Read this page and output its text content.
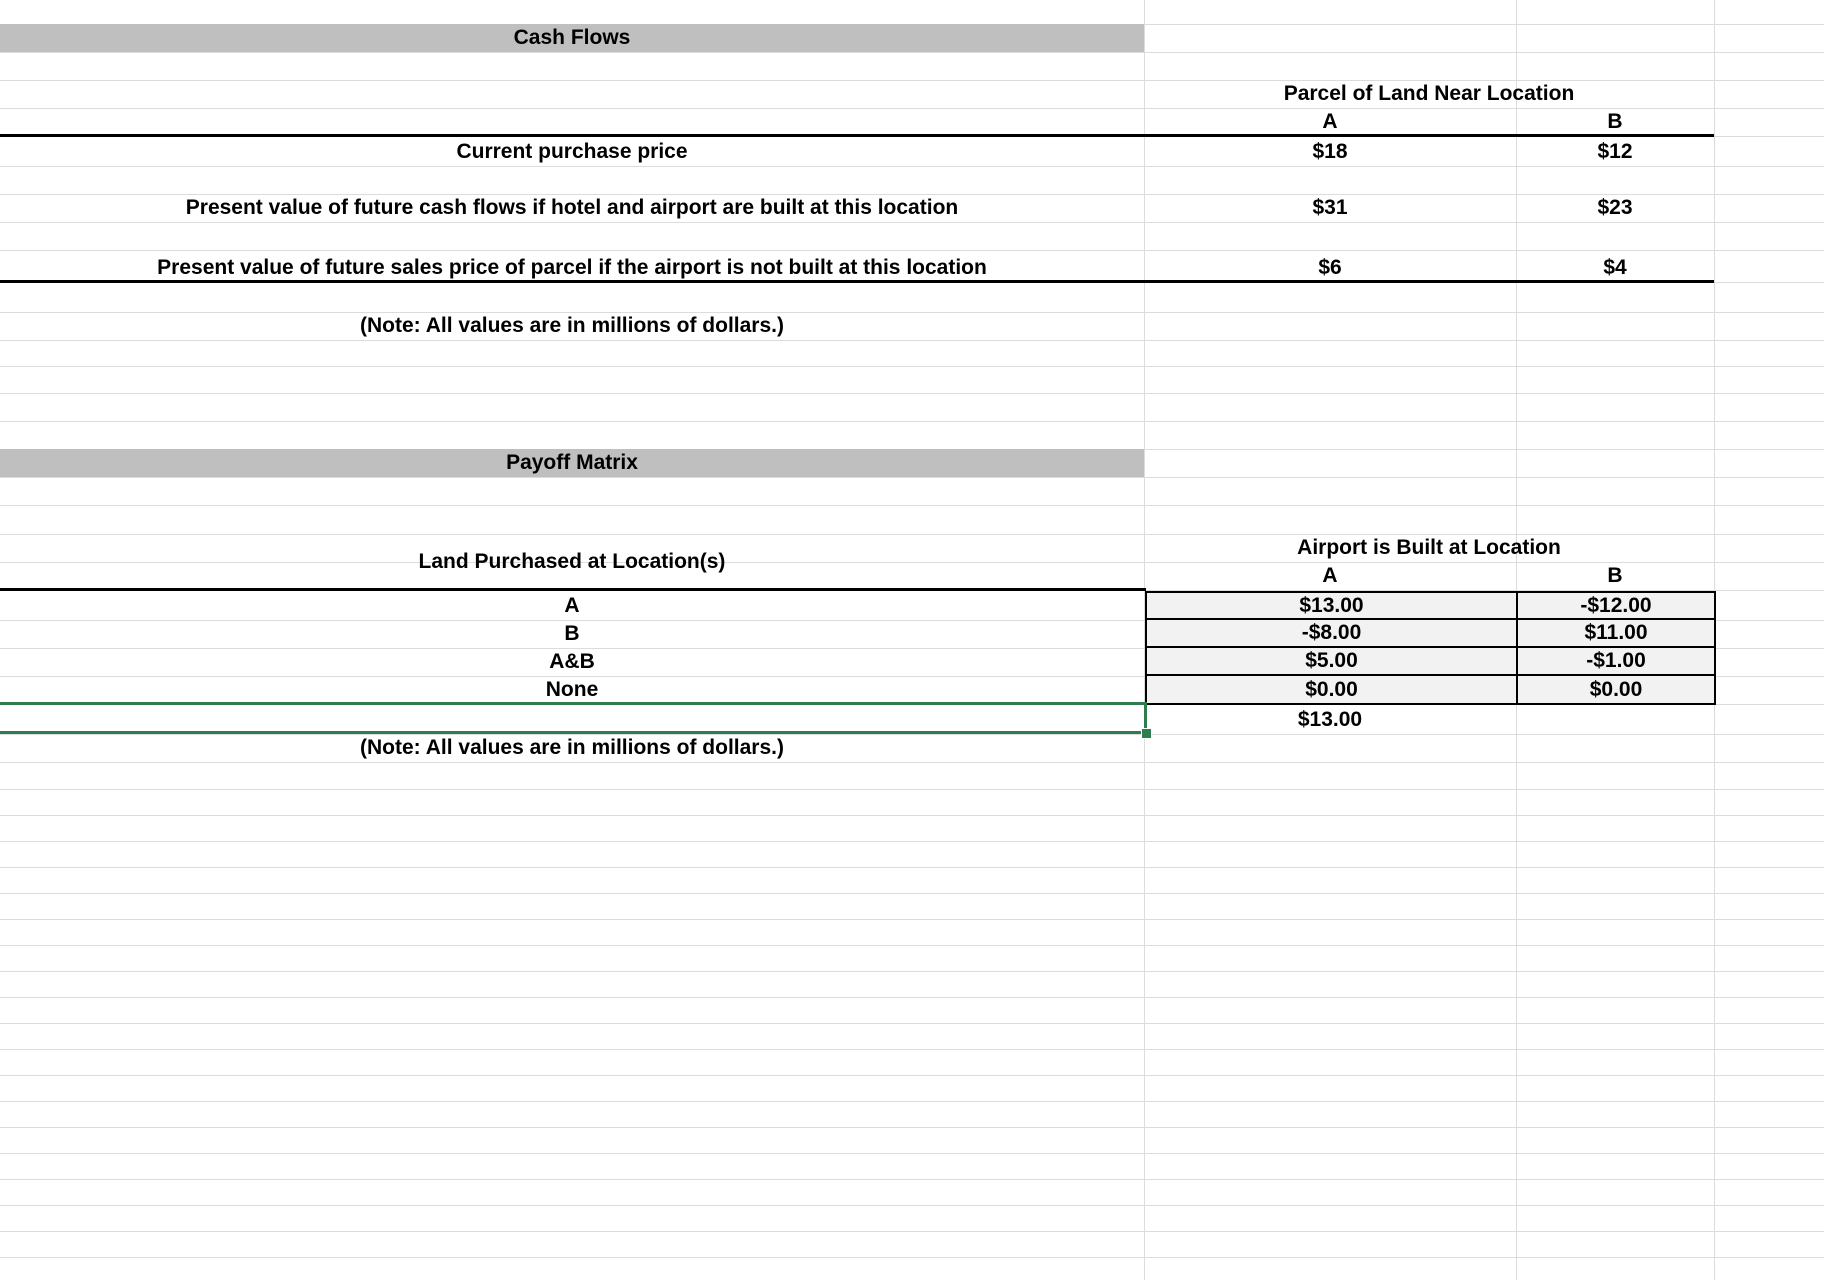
Cash Flows
Parcel of Land Near Location
A	B
Current purchase price	$18	$12
Present value of future cash flows if hotel and airport are built at this location	$31	$23
Present value of future sales price of parcel if the airport is not built at this location	$6	$4
(Note: All values are in millions of dollars.)
Payoff Matrix
Airport is Built at Location
Land Purchased at Location(s)
A	B
A	$13.00	-$12.00
B	-$8.00	$11.00
A&B	$5.00	-$1.00
None	$0.00	$0.00
$13.00
(Note: All values are in millions of dollars.)
